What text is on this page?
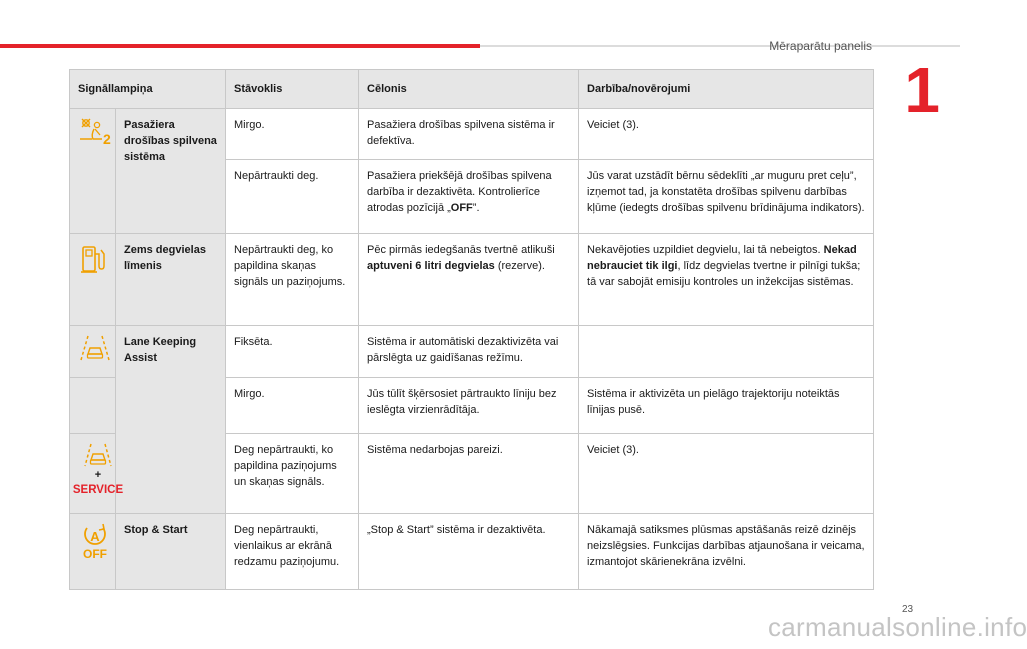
Mēraparātu panelis
1
Signāllampiņa		Stāvoklis	Cēlonis	Darbība/novērojumi

2	Pasažiera drošības spilvena sistēma	Mirgo.	Pasažiera drošības spilvena sistēma ir defektīva.	Veiciet (3).
		Nepārtraukti deg.	Pasažiera priekšējā drošības spilvena darbība ir dezaktivēta. Kontrolierīce atrodas pozīcijā „OFF”.	Jūs varat uzstādīt bērnu sēdeklīti „ar muguru pret ceļu”, izņemot tad, ja konstatēta drošības spilvenu darbības kļūme (iedegts drošības spilvenu brīdinājuma indikators).
	Zems degvielas līmenis	Nepārtraukti deg, ko papildina skaņas signāls un paziņojums.	Pēc pirmās iedegšanās tvertnē atlikuši aptuveni 6 litri degvielas (rezerve).	Nekavējoties uzpildiet degvielu, lai tā nebeigtos. Nekad nebrauciet tik ilgi, līdz degvielas tvertne ir pilnīgi tukša; tā var sabojāt emisiju kontroles un inžekcijas sistēmas.
	Lane Keeping Assist	Fiksēta.	Sistēma ir automātiski dezaktivizēta vai pārslēgta uz gaidīšanas režīmu.	
		Mirgo.	Jūs tūlīt šķērsosiet pārtraukto līniju bez ieslēgta virzienrādītāja.	Sistēma ir aktivizēta un pielāgo trajektoriju noteiktās līnijas pusē.

+
SERVICE		Deg nepārtraukti, ko papildina paziņojums un skaņas signāls.	Sistēma nedarbojas pareizi.	Veiciet (3).

A
OFF	Stop & Start	Deg nepārtraukti, vienlaikus ar ekrānā redzamu paziņojumu.	„Stop & Start” sistēma ir dezaktivēta.	Nākamajā satiksmes plūsmas apstāšanās reizē dzinējs neizslēgsies. Funkcijas darbības atjaunošana ir veicama, izmantojot skārienekrāna izvēlni.
23
carmanualsonline.info
